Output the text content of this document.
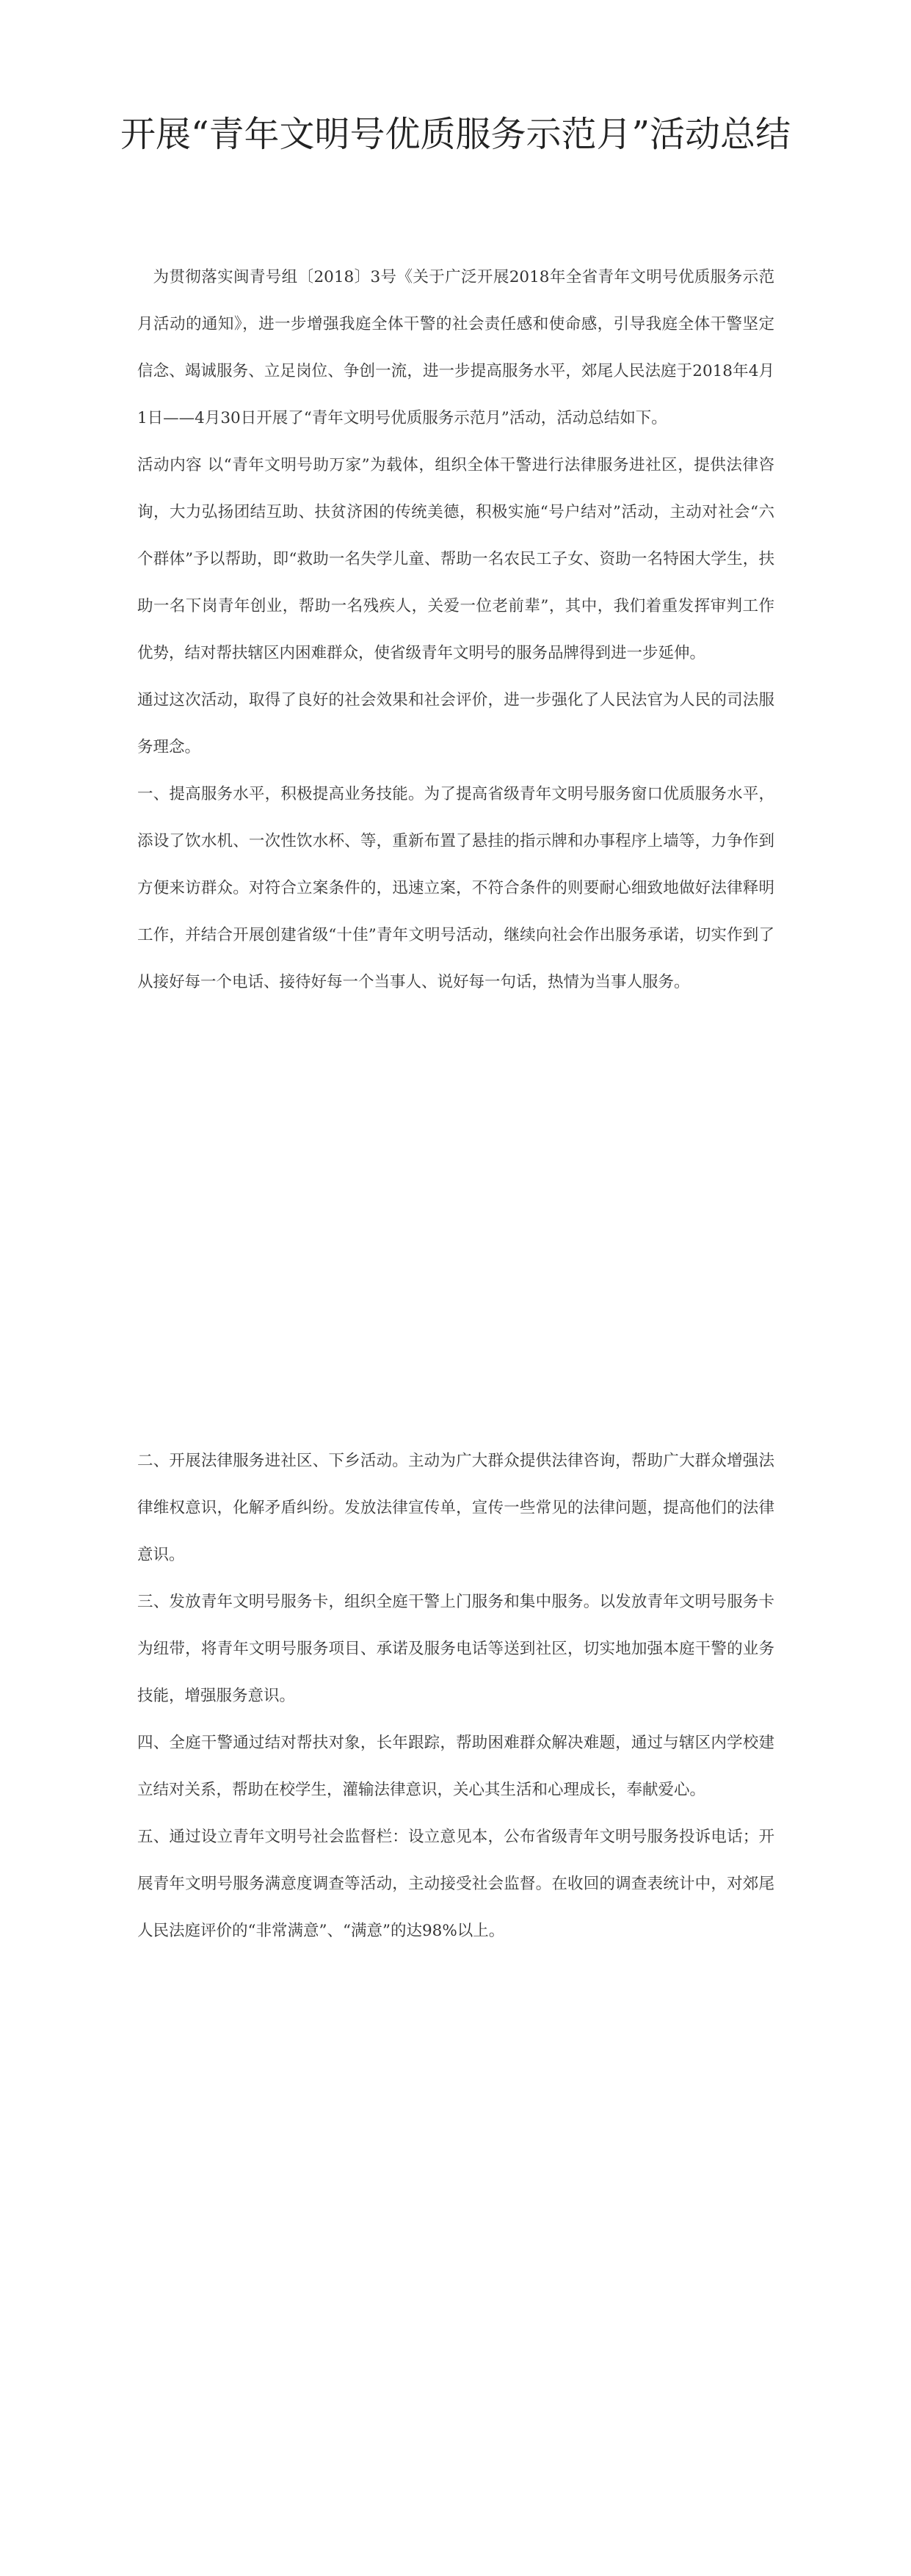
开展“青年文明号优质服务示范月”活动总结

为贯彻落实闽青号组〔2018〕3号《关于广泛开展2018年全省青年文明号优质服务示范月活动的通知》，进一步增强我庭全体干警的社会责任感和使命感，引导我庭全体干警坚定信念、竭诚服务、立足岗位、争创一流，进一步提高服务水平，郊尾人民法庭于2018年4月1日——4月30日开展了“青年文明号优质服务示范月”活动，活动总结如下。

活动内容 以“青年文明号助万家”为载体，组织全体干警进行法律服务进社区，提供法律咨询，大力弘扬团结互助、扶贫济困的传统美德，积极实施“号户结对”活动，主动对社会“六个群体”予以帮助，即“救助一名失学儿童、帮助一名农民工子女、资助一名特困大学生，扶助一名下岗青年创业，帮助一名残疾人，关爱一位老前辈”，其中，我们着重发挥审判工作优势，结对帮扶辖区内困难群众，使省级青年文明号的服务品牌得到进一步延伸。

通过这次活动，取得了良好的社会效果和社会评价，进一步强化了人民法官为人民的司法服务理念。

一、提高服务水平，积极提高业务技能。为了提高省级青年文明号服务窗口优质服务水平，添设了饮水机、一次性饮水杯、等，重新布置了悬挂的指示牌和办事程序上墙等，力争作到方便来访群众。对符合立案条件的，迅速立案，不符合条件的则要耐心细致地做好法律释明工作，并结合开展创建省级“十佳”青年文明号活动，继续向社会作出服务承诺，切实作到了从接好每一个电话、接待好每一个当事人、说好每一句话，热情为当事人服务。

二、开展法律服务进社区、下乡活动。主动为广大群众提供法律咨询，帮助广大群众增强法律维权意识，化解矛盾纠纷。发放法律宣传单，宣传一些常见的法律问题，提高他们的法律意识。

三、发放青年文明号服务卡，组织全庭干警上门服务和集中服务。以发放青年文明号服务卡为纽带，将青年文明号服务项目、承诺及服务电话等送到社区，切实地加强本庭干警的业务技能，增强服务意识。

四、全庭干警通过结对帮扶对象，长年跟踪，帮助困难群众解决难题，通过与辖区内学校建立结对关系，帮助在校学生，灌输法律意识，关心其生活和心理成长，奉献爱心。

五、通过设立青年文明号社会监督栏：设立意见本，公布省级青年文明号服务投诉电话；开展青年文明号服务满意度调查等活动，主动接受社会监督。在收回的调查表统计中，对郊尾人民法庭评价的“非常满意”、“满意”的达98%以上。
